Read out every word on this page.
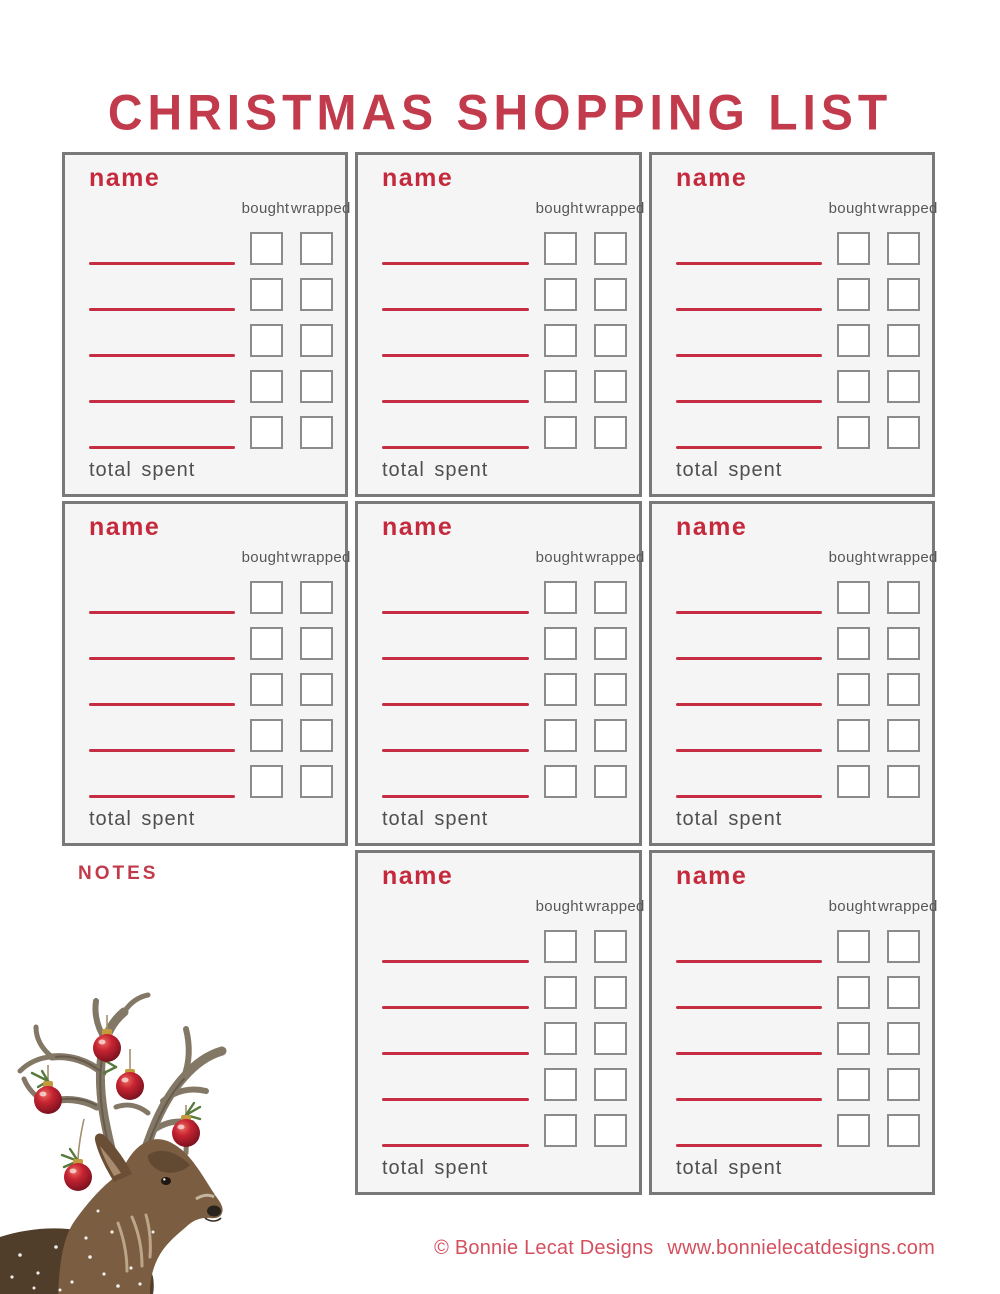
CHRISTMAS SHOPPING LIST
name
bought wrapped
total spent
name
bought wrapped
total spent
name
bought wrapped
total spent
name
bought wrapped
total spent
name
bought wrapped
total spent
name
bought wrapped
total spent
NOTES	name
bought wrapped
total spent
name
bought wrapped
total spent
© Bonnie Lecat Designs www.bonnielecatdesigns.com
